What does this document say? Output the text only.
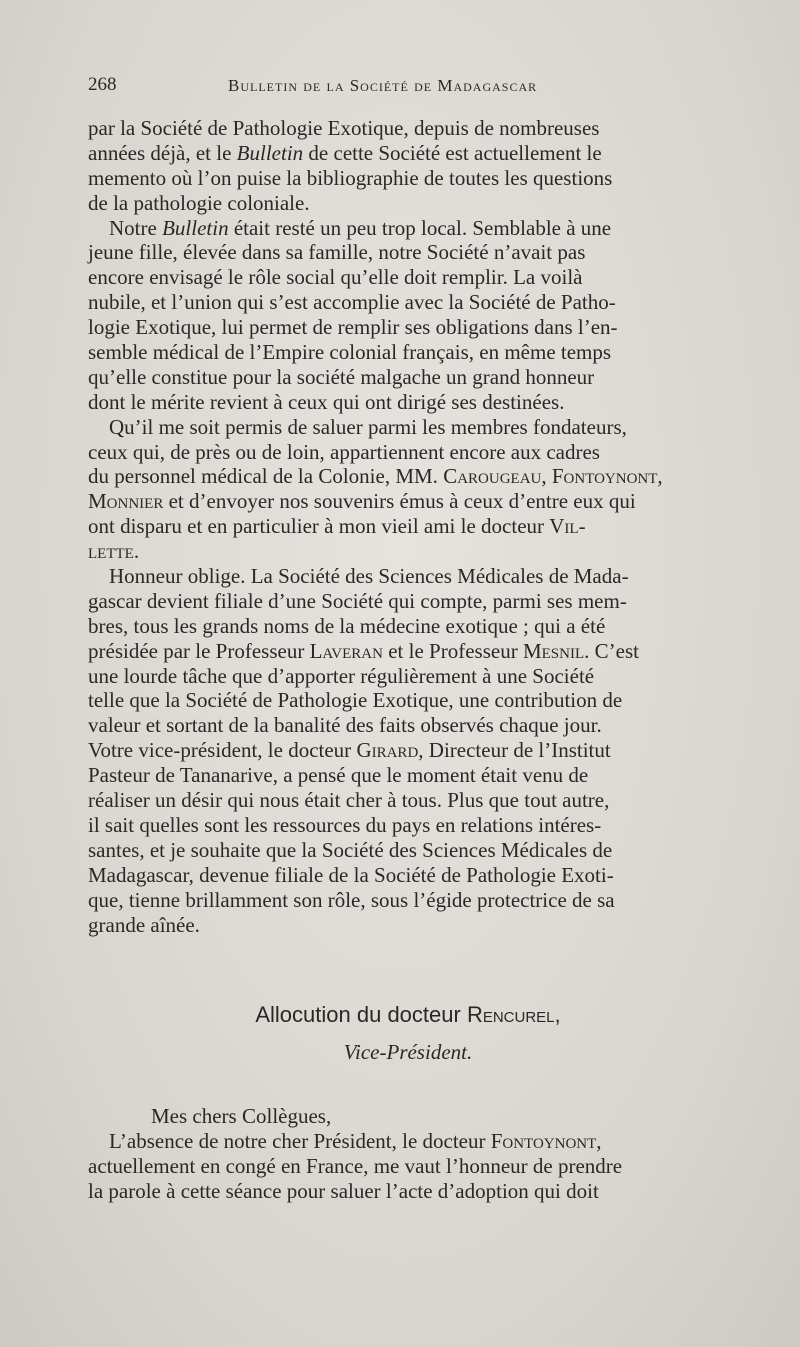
268	Bulletin de la Société de Madagascar
par la Société de Pathologie Exotique, depuis de nombreuses
années déjà, et le Bulletin de cette Société est actuellement le
memento où l’on puise la bibliographie de toutes les questions
de la pathologie coloniale.
Notre Bulletin était resté un peu trop local. Semblable à une
jeune fille, élevée dans sa famille, notre Société n’avait pas
encore envisagé le rôle social qu’elle doit remplir. La voilà
nubile, et l’union qui s’est accomplie avec la Société de Patho-
logie Exotique, lui permet de remplir ses obligations dans l’en-
semble médical de l’Empire colonial français, en même temps
qu’elle constitue pour la société malgache un grand honneur
dont le mérite revient à ceux qui ont dirigé ses destinées.
Qu’il me soit permis de saluer parmi les membres fondateurs,
ceux qui, de près ou de loin, appartiennent encore aux cadres
du personnel médical de la Colonie, MM. Carougeau, Fontoynont,
Monnier et d’envoyer nos souvenirs émus à ceux d’entre eux qui
ont disparu et en particulier à mon vieil ami le docteur Vil-
lette.
Honneur oblige. La Société des Sciences Médicales de Mada-
gascar devient filiale d’une Société qui compte, parmi ses mem-
bres, tous les grands noms de la médecine exotique ; qui a été
présidée par le Professeur Laveran et le Professeur Mesnil. C’est
une lourde tâche que d’apporter régulièrement à une Société
telle que la Société de Pathologie Exotique, une contribution de
valeur et sortant de la banalité des faits observés chaque jour.
Votre vice-président, le docteur Girard, Directeur de l’Institut
Pasteur de Tananarive, a pensé que le moment était venu de
réaliser un désir qui nous était cher à tous. Plus que tout autre,
il sait quelles sont les ressources du pays en relations intéres-
santes, et je souhaite que la Société des Sciences Médicales de
Madagascar, devenue filiale de la Société de Pathologie Exoti-
que, tienne brillamment son rôle, sous l’égide protectrice de sa
grande aînée.
Allocution du docteur Rencurel,
Vice-Président.
Mes chers Collègues,
L’absence de notre cher Président, le docteur Fontoynont,
actuellement en congé en France, me vaut l’honneur de prendre
la parole à cette séance pour saluer l’acte d’adoption qui doit
